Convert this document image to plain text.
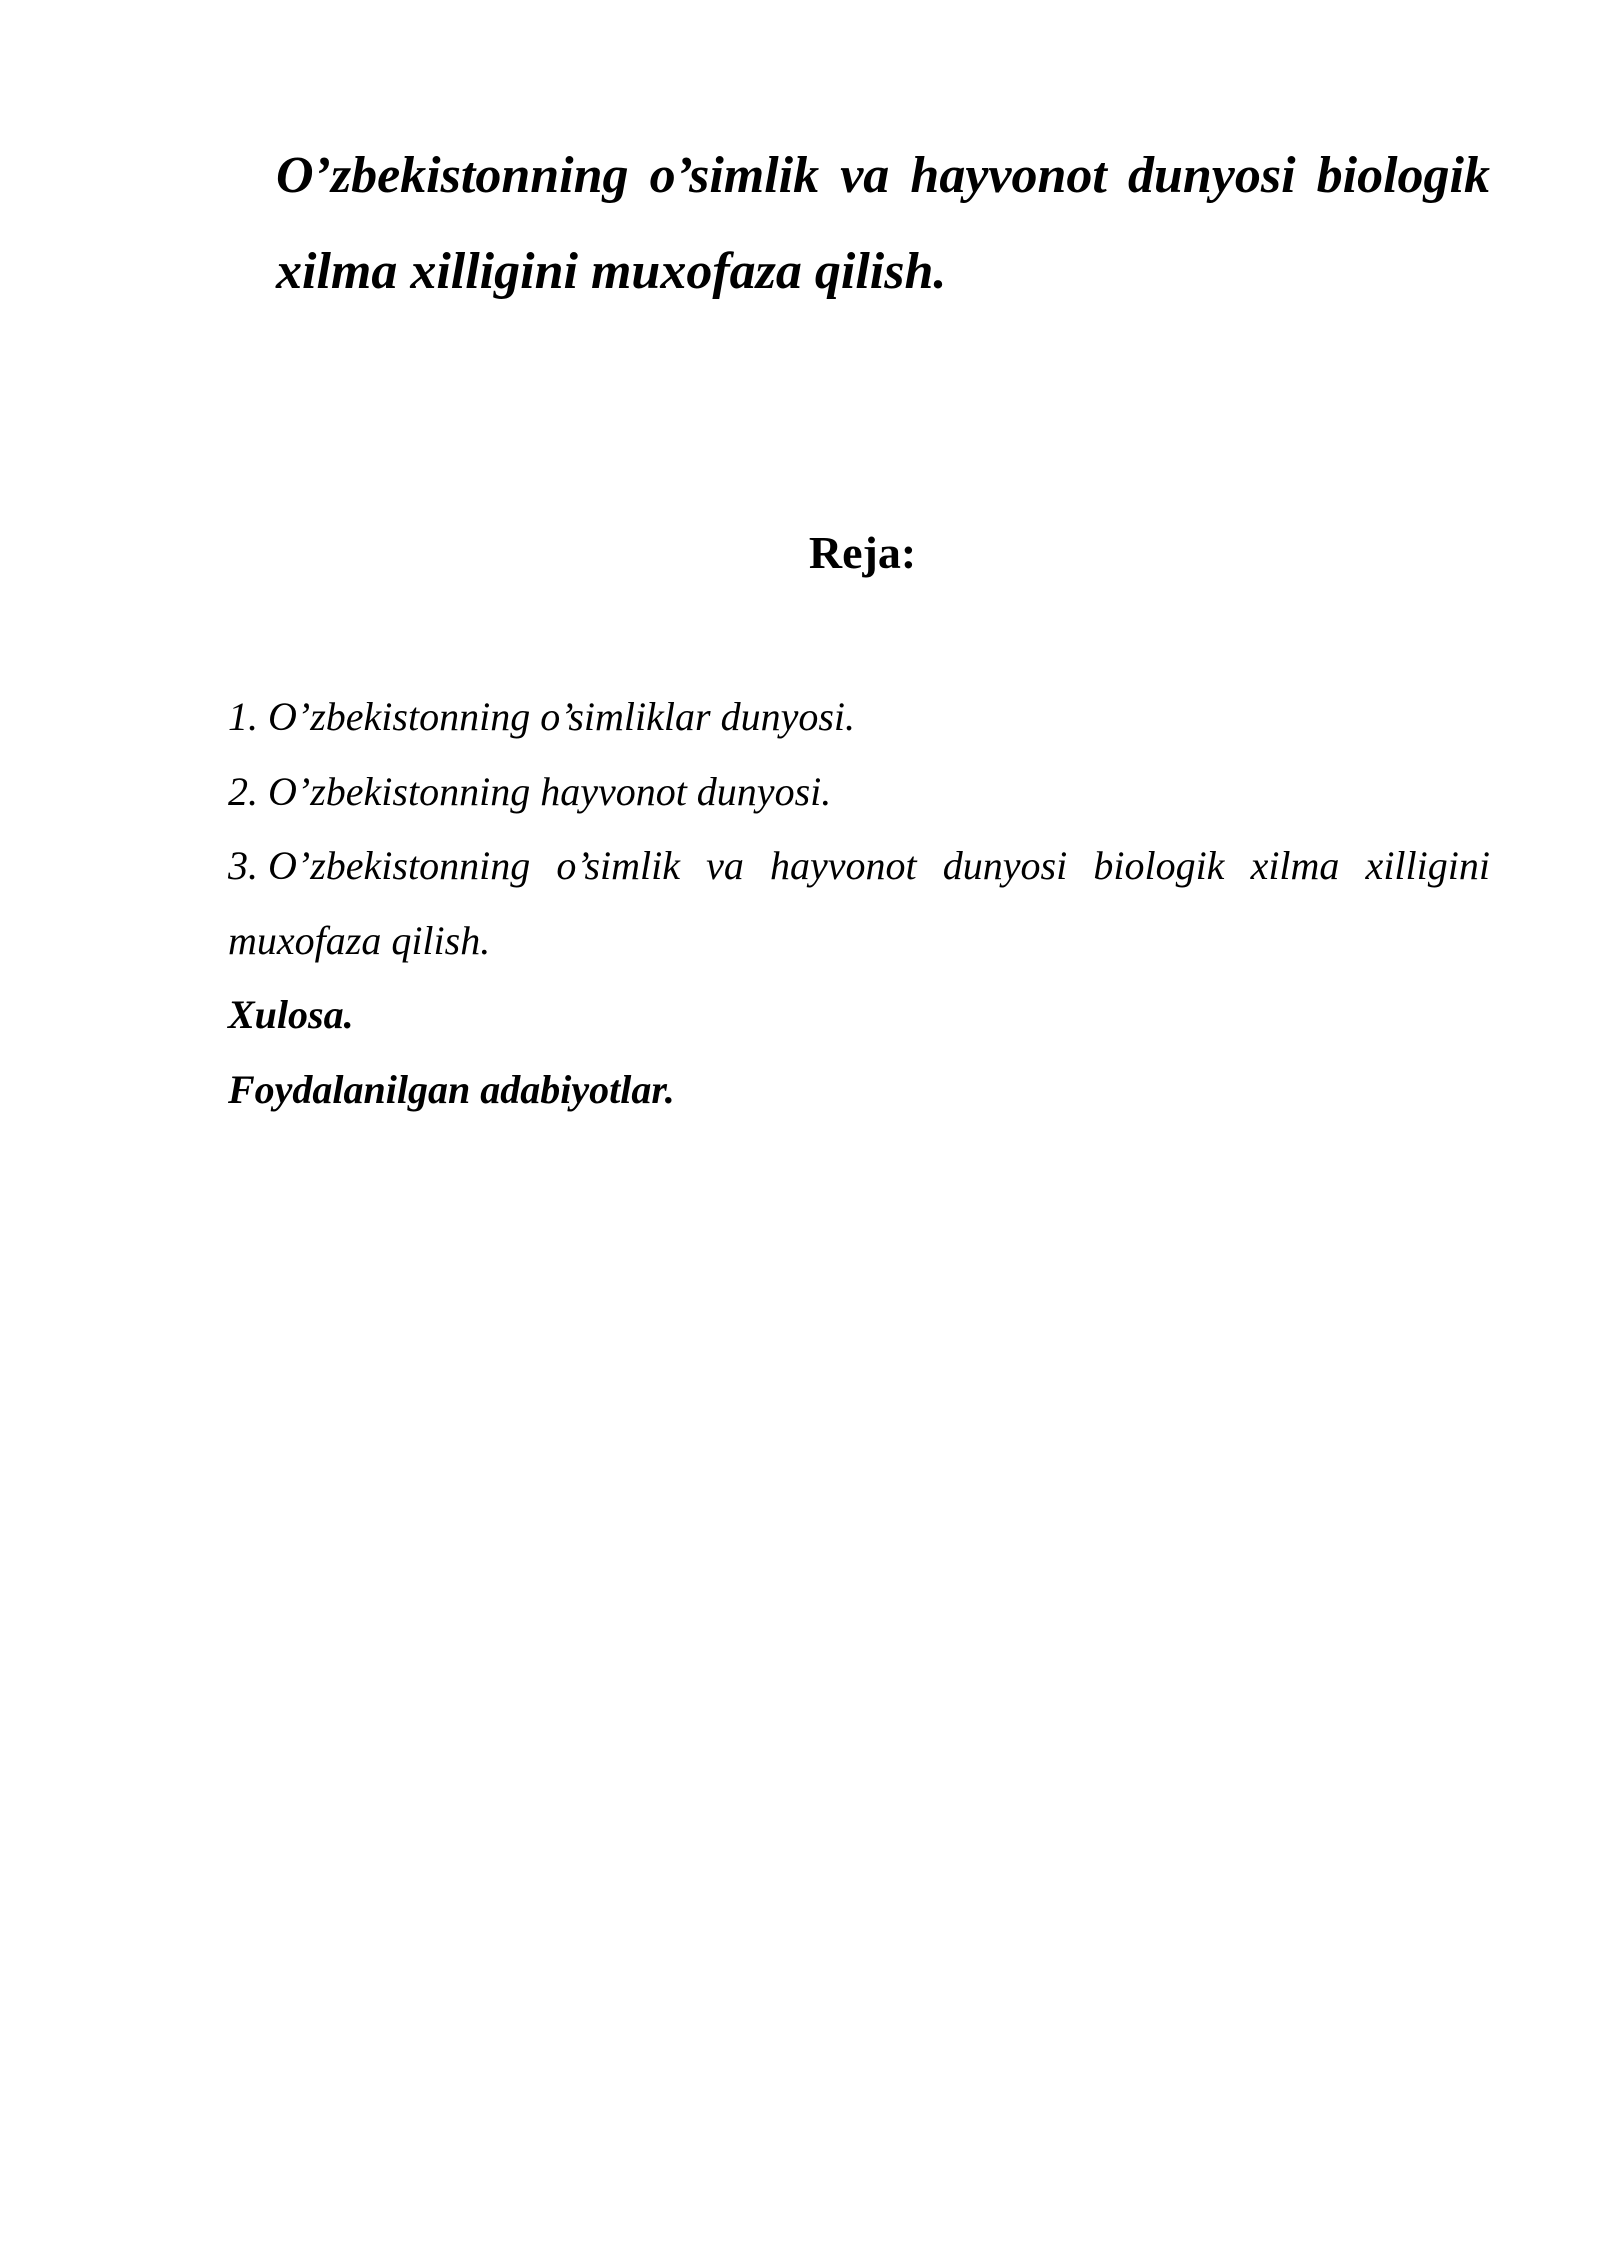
O’zbekistonning o’simlik va hayvonot dunyosi biologik xilma xilligini muxofaza qilish.
Reja:
1. O’zbekistonning o’simliklar dunyosi.
2. O’zbekistonning hayvonot dunyosi.
3. O’zbekistonning o’simlik va hayvonot dunyosi biologik xilma xilligini muxofaza qilish.
Xulosa.
Foydalanilgan adabiyotlar.
